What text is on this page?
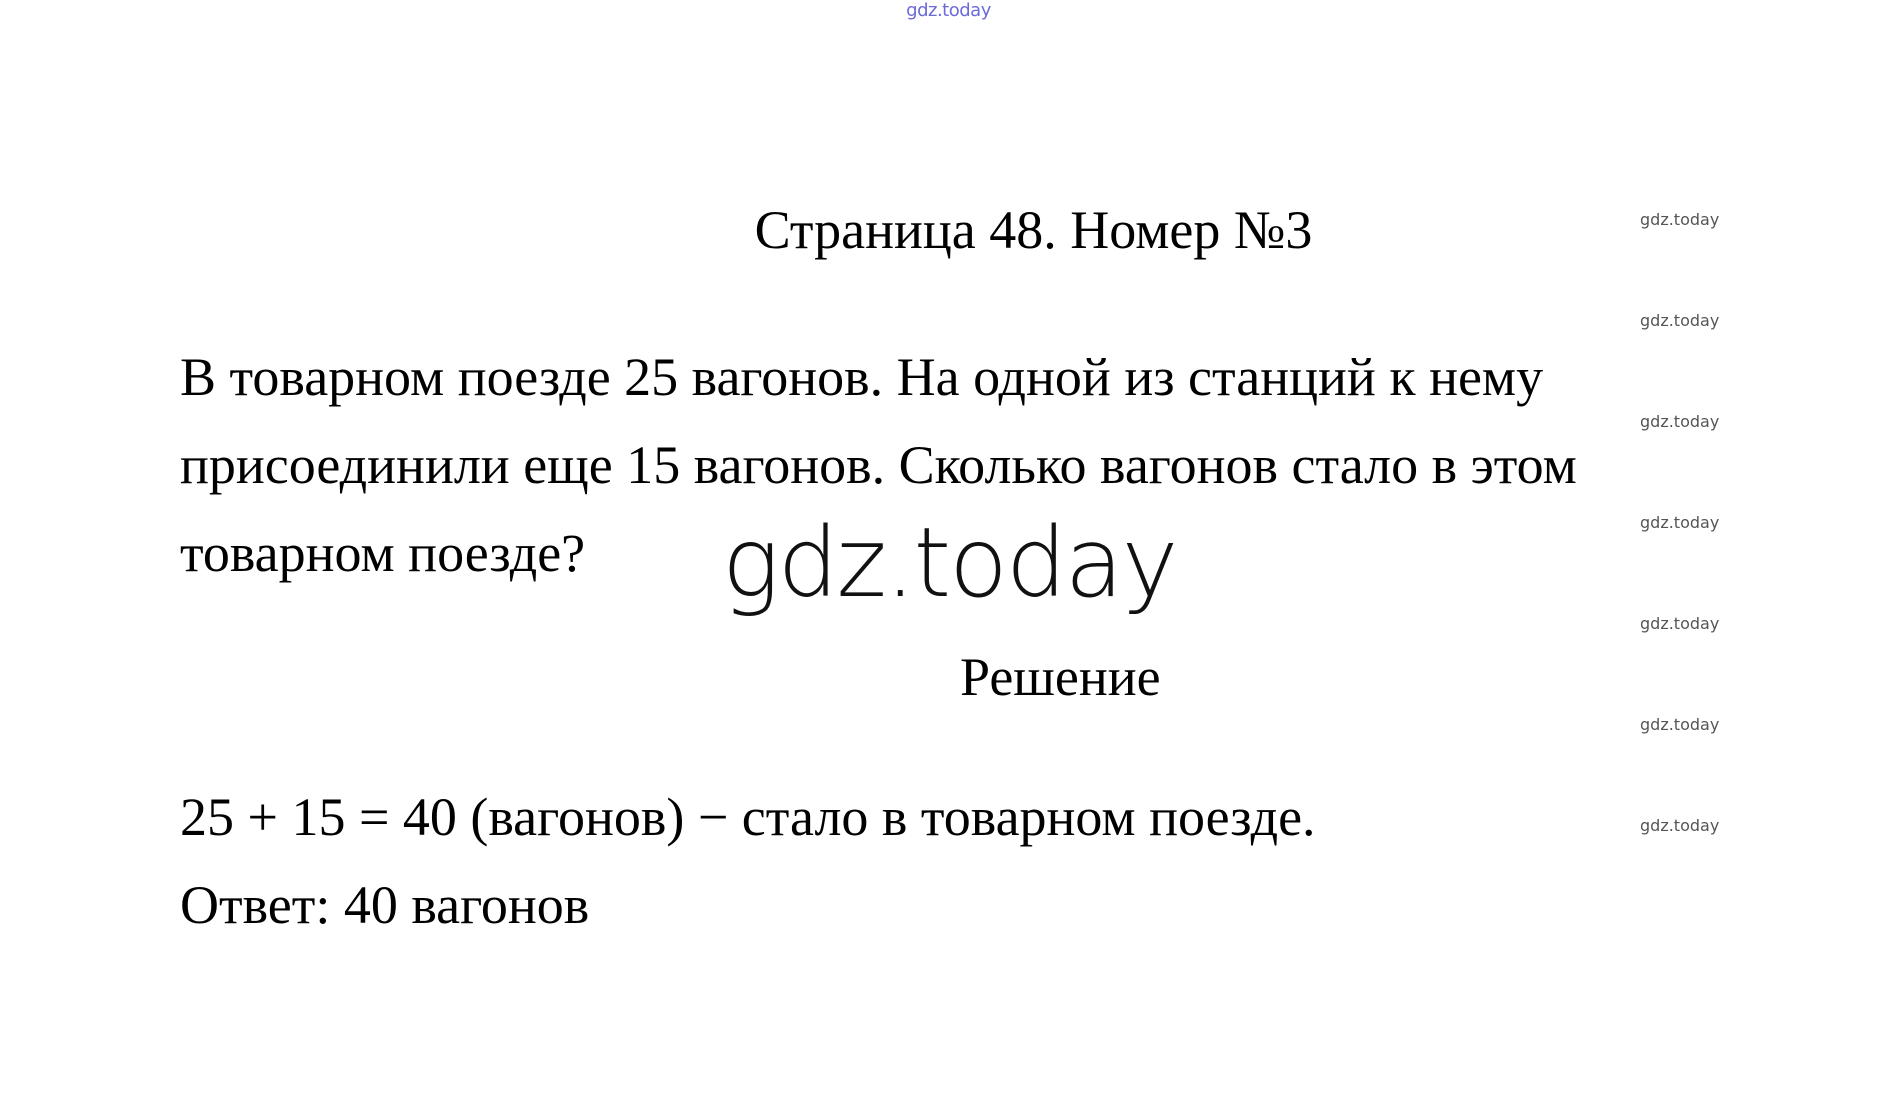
gdz.today
gdz.today
gdz.today
gdz.today
gdz.today
gdz.today
gdz.today
gdz.today
Страница 48. Номер №3
В товарном поезде 25 вагонов. На одной из станций к нему
присоединили еще 15 вагонов. Сколько вагонов стало в этом
товарном поезде?	gdz.today
Решение
25 + 15 = 40 (вагонов) − стало в товарном поезде.
Ответ: 40 вагонов
